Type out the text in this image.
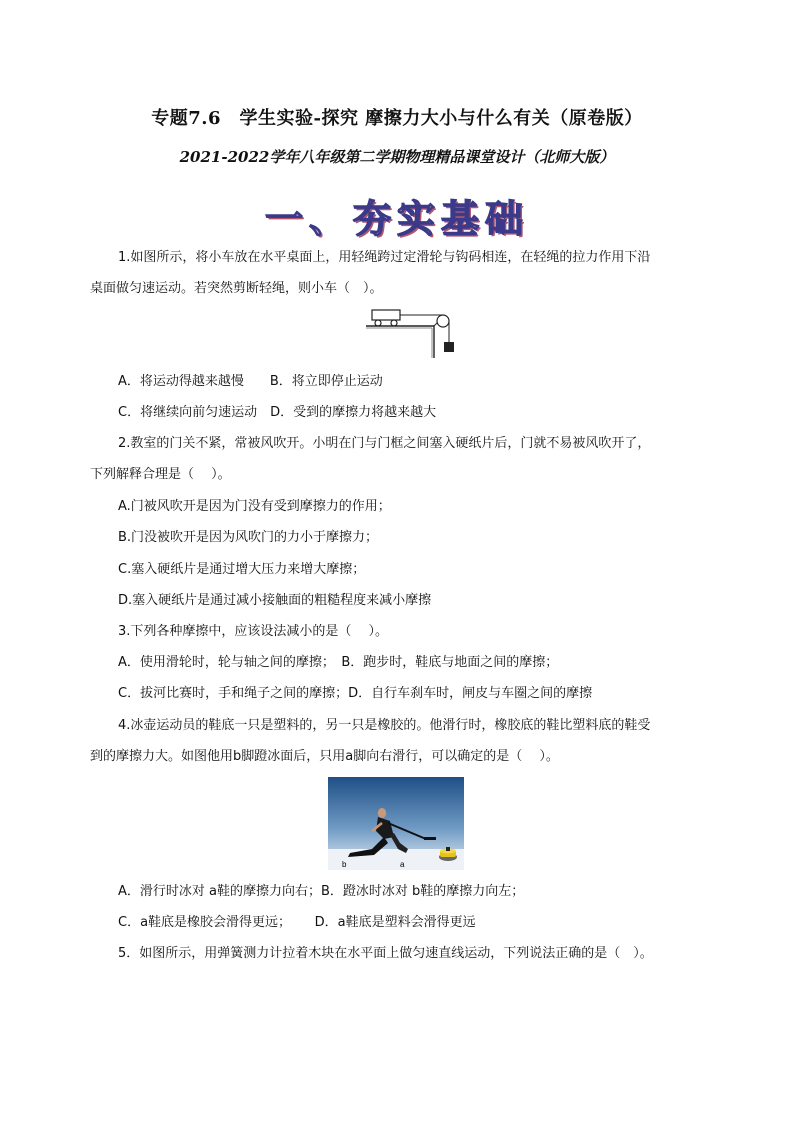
专题7.6　学生实验-探究 摩擦力大小与什么有关（原卷版）
2021-2022学年八年级第二学期物理精品课堂设计（北师大版）
一、夯实基础
1.如图所示，将小车放在水平桌面上，用轻绳跨过定滑轮与钩码相连，在轻绳的拉力作用下沿
桌面做匀速运动。若突然剪断轻绳，则小车（　）。
A．将运动得越来越慢　　B．将立即停止运动
C．将继续向前匀速运动　D．受到的摩擦力将越来越大
2.教室的门关不紧，常被风吹开。小明在门与门框之间塞入硬纸片后，门就不易被风吹开了，
下列解释合理是（　 ）。
A.门被风吹开是因为门没有受到摩擦力的作用；
B.门没被吹开是因为风吹门的力小于摩擦力；
C.塞入硬纸片是通过增大压力来增大摩擦；
D.塞入硬纸片是通过减小接触面的粗糙程度来减小摩擦
3.下列各种摩擦中，应该设法减小的是（　 ）。
A．使用滑轮时，轮与轴之间的摩擦；　B．跑步时，鞋底与地面之间的摩擦；
C．拔河比赛时，手和绳子之间的摩擦；D．自行车刹车时，闸皮与车圈之间的摩擦
4.冰壶运动员的鞋底一只是塑料的，另一只是橡胶的。他滑行时，橡胶底的鞋比塑料底的鞋受
到的摩擦力大。如图他用b脚蹬冰面后，只用a脚向右滑行，可以确定的是（　 ）。
b	a
A．滑行时冰对 a鞋的摩擦力向右；B．蹬冰时冰对 b鞋的摩擦力向左；
C．a鞋底是橡胶会滑得更远；　　 D．a鞋底是塑料会滑得更远
5．如图所示，用弹簧测力计拉着木块在水平面上做匀速直线运动，下列说法正确的是（　）。
